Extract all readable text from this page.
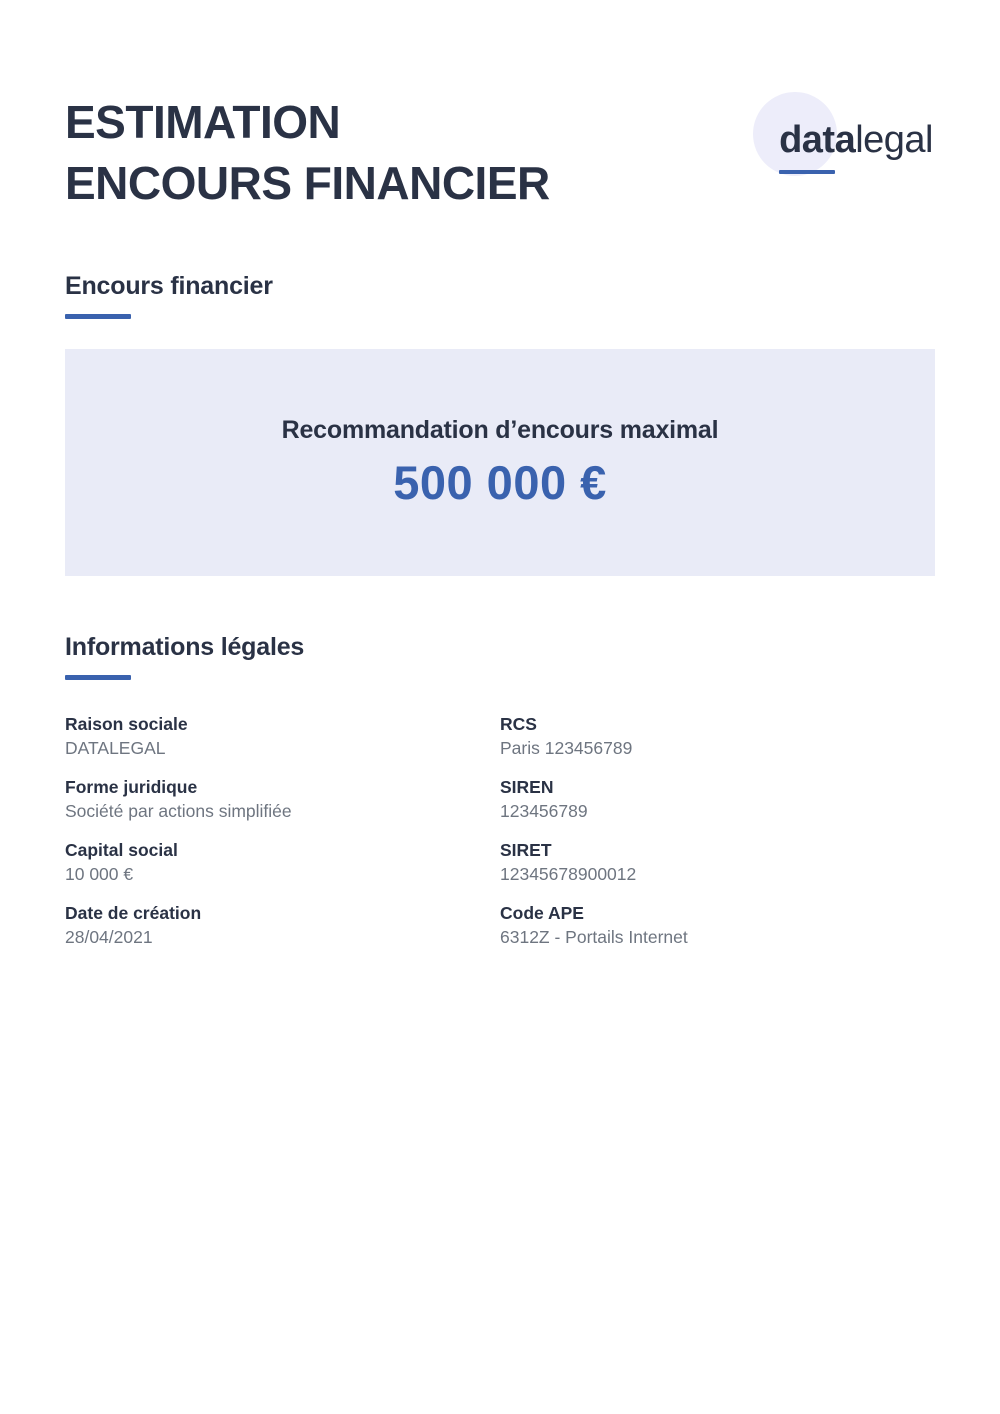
ESTIMATION
ENCOURS FINANCIER
datalegal
Encours financier
Recommandation d’encours maximal
500 000 €
Informations légales
Raison sociale
DATALEGAL
RCS
Paris 123456789
Forme juridique
Société par actions simplifiée
SIREN
123456789
Capital social
10 000 €
SIRET
12345678900012
Date de création
28/04/2021
Code APE
6312Z - Portails Internet
